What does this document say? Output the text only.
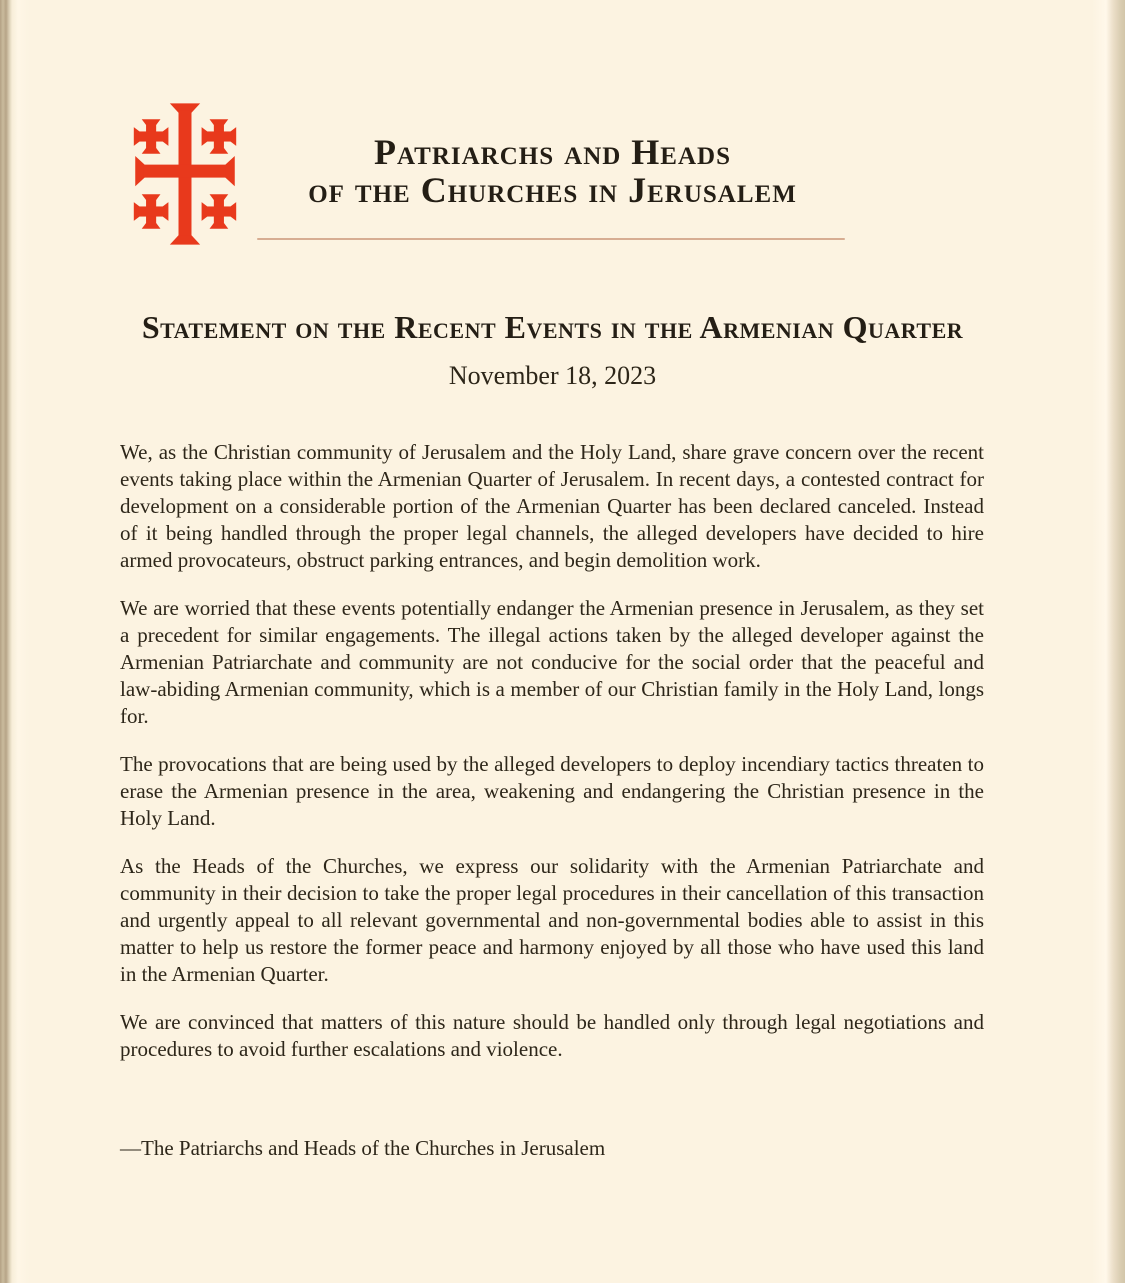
Patriarchs and Heads
of the Churches in Jerusalem
Statement on the Recent Events in the Armenian Quarter
November 18, 2023

We, as the Christian community of Jerusalem and the Holy Land, share grave concern over the recent events taking place within the Armenian Quarter of Jerusalem. In recent days, a contested contract for development on a considerable portion of the Armenian Quarter has been declared canceled. Instead of it being handled through the proper legal channels, the alleged developers have decided to hire armed provocateurs, obstruct parking entrances, and begin demolition work.

We are worried that these events potentially endanger the Armenian presence in Jerusalem, as they set a precedent for similar engagements. The illegal actions taken by the alleged developer against the Armenian Patriarchate and community are not conducive for the social order that the peaceful and law-abiding Armenian community, which is a member of our Christian family in the Holy Land, longs for.

The provocations that are being used by the alleged developers to deploy incendiary tactics threaten to erase the Armenian presence in the area, weakening and endangering the Christian presence in the Holy Land.

As the Heads of the Churches, we express our solidarity with the Armenian Patriarchate and community in their decision to take the proper legal procedures in their cancellation of this transaction and urgently appeal to all relevant governmental and non-governmental bodies able to assist in this matter to help us restore the former peace and harmony enjoyed by all those who have used this land in the Armenian Quarter.

We are convinced that matters of this nature should be handled only through legal negotiations and procedures to avoid further escalations and violence.

—The Patriarchs and Heads of the Churches in Jerusalem
